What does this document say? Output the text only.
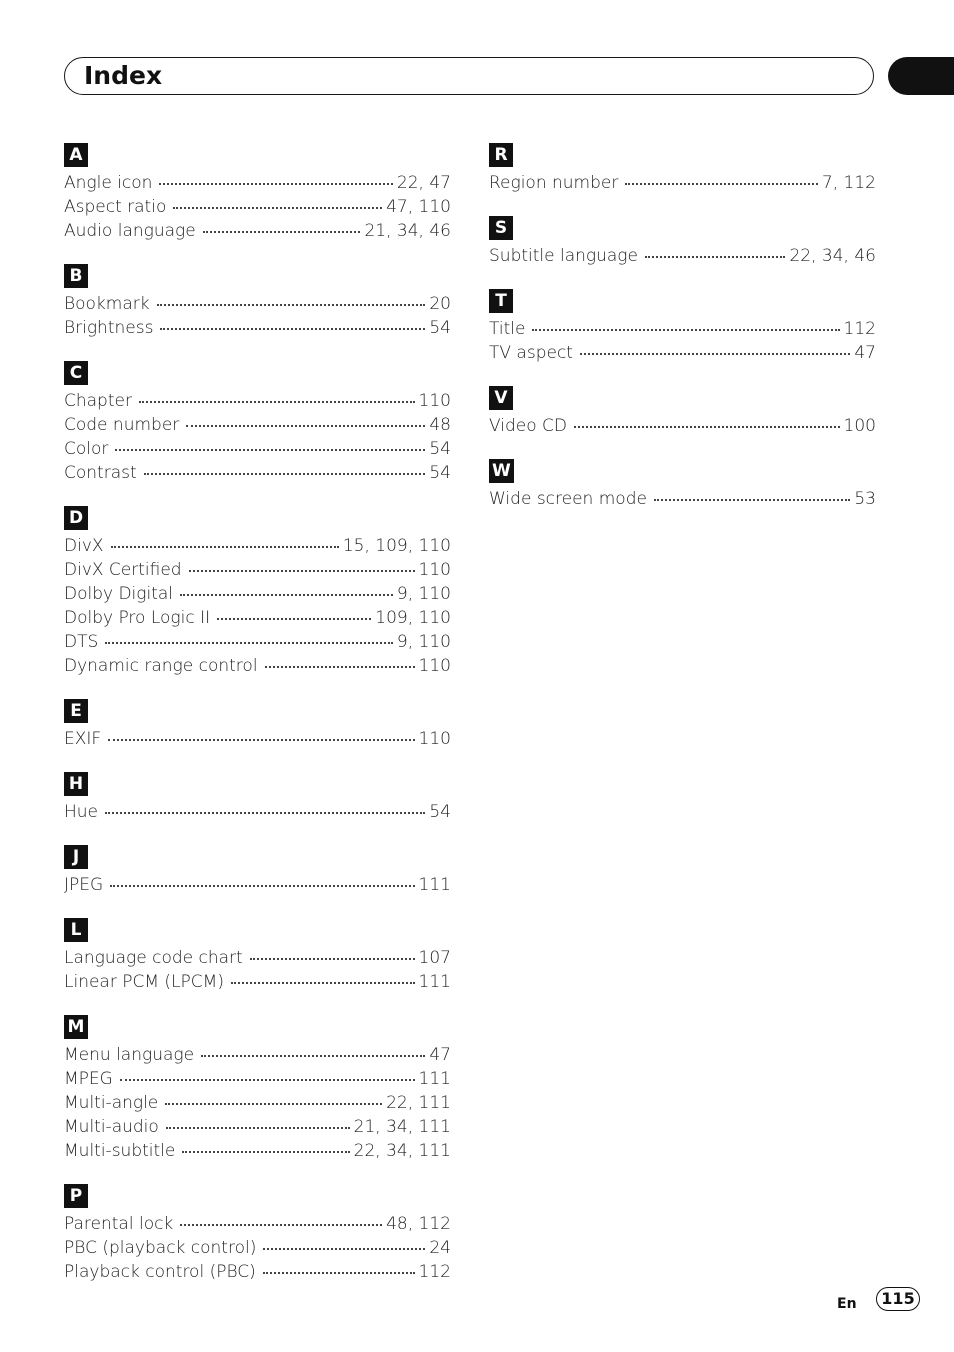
Index
A
Angle icon	22, 47
Aspect ratio	47, 110
Audio language	21, 34, 46
B
Bookmark	20
Brightness	54
C
Chapter	110
Code number	48
Color	54
Contrast	54
D
DivX	15, 109, 110
DivX Certified	110
Dolby Digital	9, 110
Dolby Pro Logic II	109, 110
DTS	9, 110
Dynamic range control	110
E
EXIF	110
H
Hue	54
J
JPEG	111
L
Language code chart	107
Linear PCM (LPCM)	111
M
Menu language	47
MPEG	111
Multi-angle	22, 111
Multi-audio	21, 34, 111
Multi-subtitle	22, 34, 111
P
Parental lock	48, 112
PBC (playback control)	24
Playback control (PBC)	112
R
Region number	7, 112
S
Subtitle language	22, 34, 46
T
Title	112
TV aspect	47
V
Video CD	100
W
Wide screen mode	53
En	115
